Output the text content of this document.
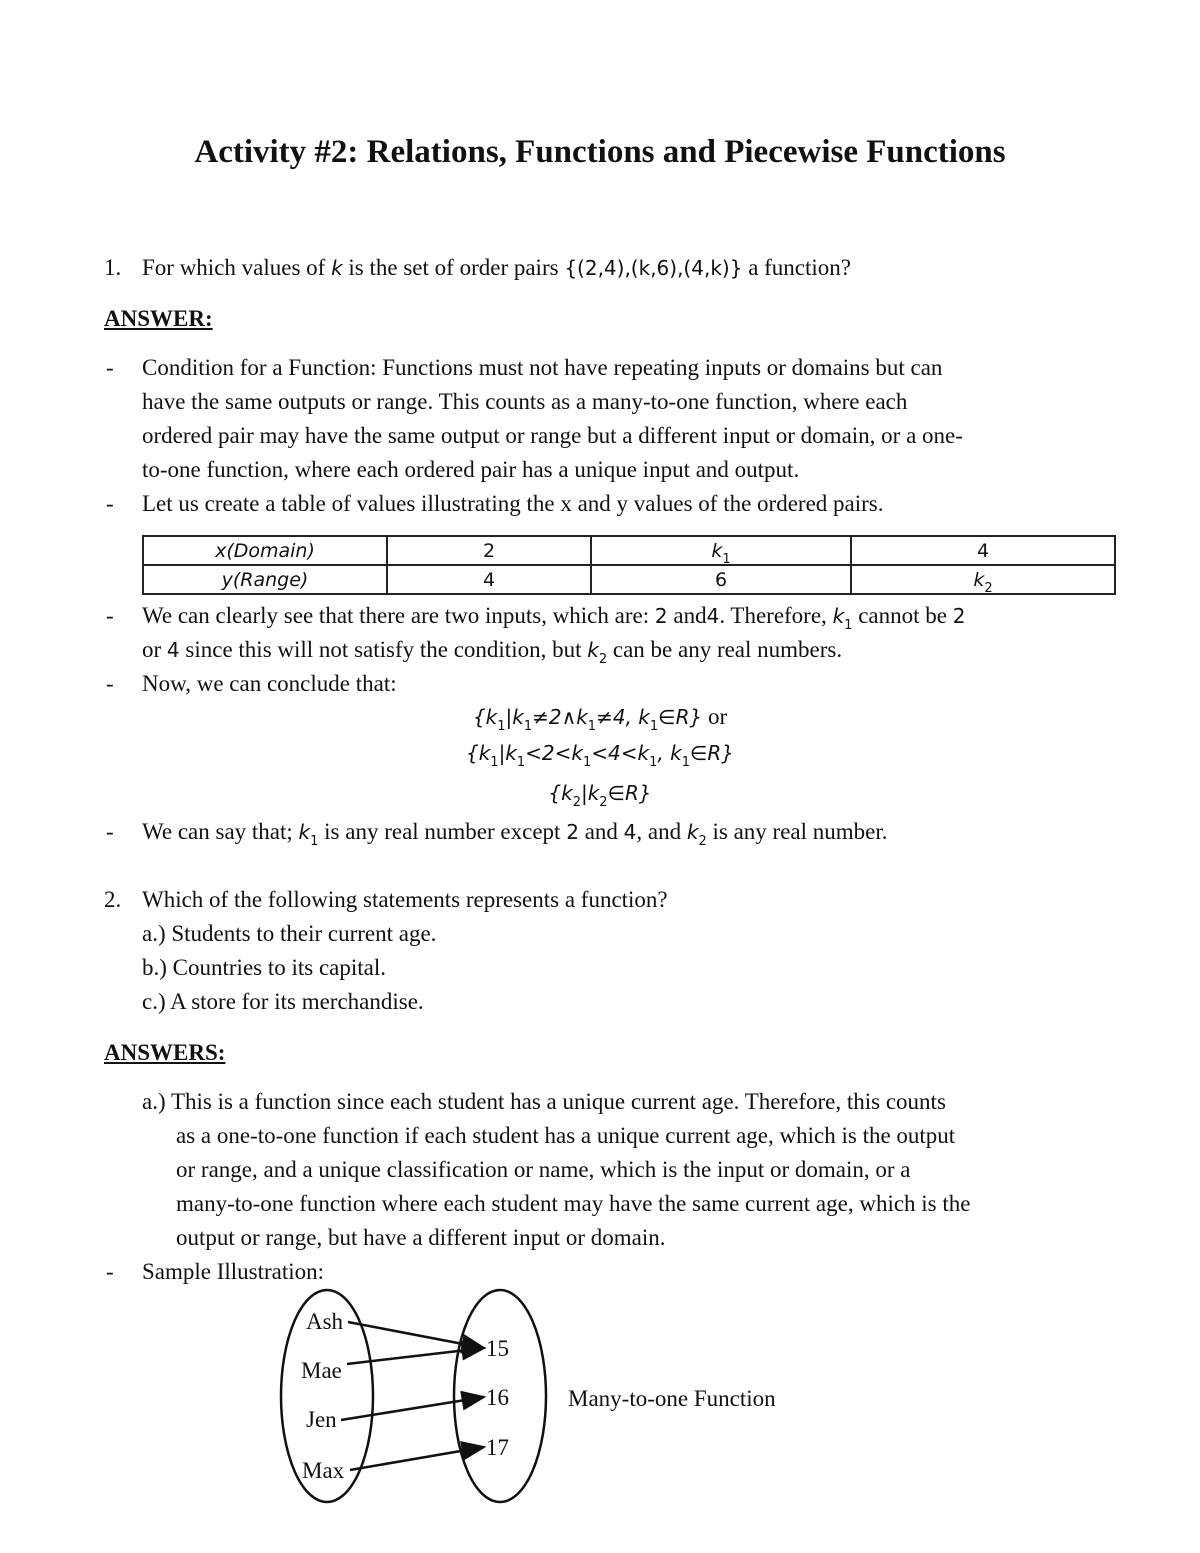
Activity #2: Relations, Functions and Piecewise Functions
1. For which values of k is the set of order pairs {(2,4),(k,6),(4,k)} a function?
ANSWER:
- Condition for a Function: Functions must not have repeating inputs or domains but can
have the same outputs or range. This counts as a many-to-one function, where each
ordered pair may have the same output or range but a different input or domain, or a one-
to-one function, where each ordered pair has a unique input and output.
- Let us create a table of values illustrating the x and y values of the ordered pairs.
x(Domain)	2	$k_1$	4
y(Range)	4	6	$k_2$
- We can clearly see that there are two inputs, which are: 2 and4. Therefore, $k_1$ cannot be 2
or 4 since this will not satisfy the condition, but $k_2$ can be any real numbers.
- Now, we can conclude that:
{$k_1|k_1\ne 2\wedge k_1\ne 4$, $k_1\in R$} or
{$k_1|k_1<2<k_1<4<k_1$, $k_1\in R$}
$\{k_2|k_2\in R\}$
- We can say that; $k_1$ is any real number except 2 and 4, and $k_2$ is any real number.
2. Which of the following statements represents a function?
a.) Students to their current age.
b.) Countries to its capital.
c.) A store for its merchandise.
ANSWERS:
a.) This is a function since each student has a unique current age. Therefore, this counts
as a one-to-one function if each student has a unique current age, which is the output
or range, and a unique classification or name, which is the input or domain, or a
many-to-one function where each student may have the same current age, which is the
output or range, but have a different input or domain.
- Sample Illustration:
Ash
Mae
Jen
Max
15
16
17
Many-to-one Function
